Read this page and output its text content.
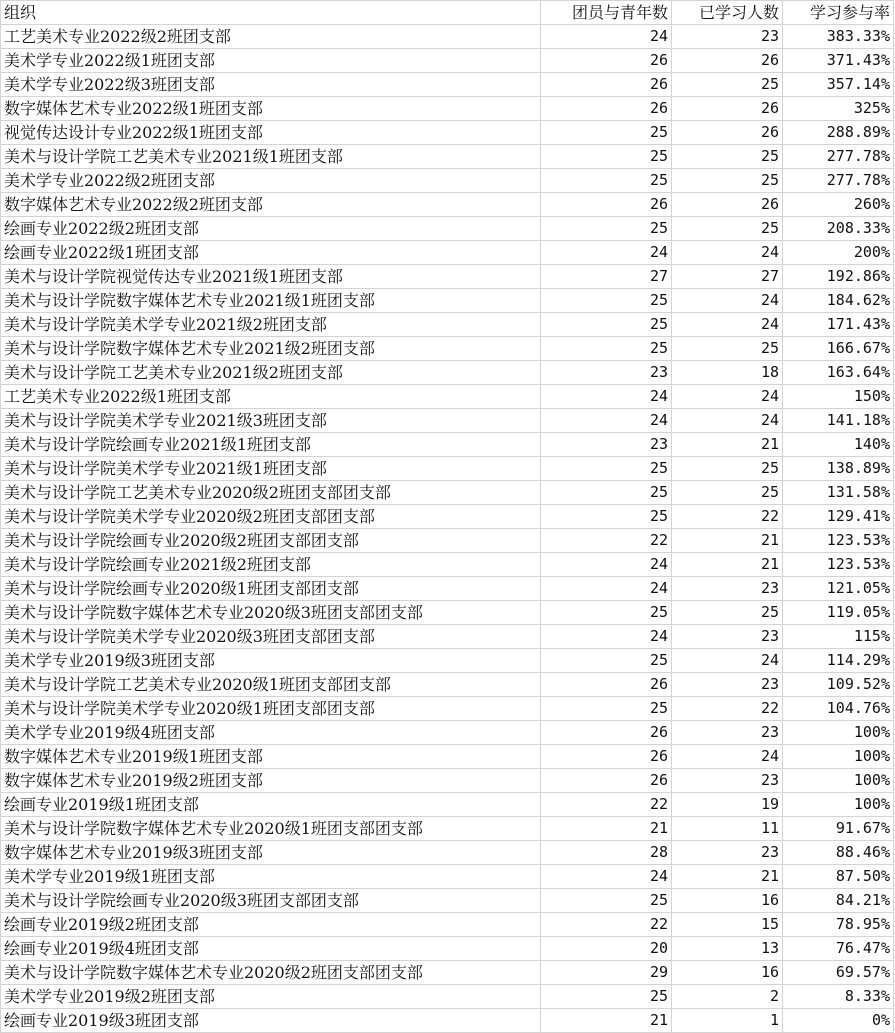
组织	团员与青年数	已学习人数	学习参与率
工艺美术专业2022级2班团支部	24	23	383.33%
美术学专业2022级1班团支部	26	26	371.43%
美术学专业2022级3班团支部	26	25	357.14%
数字媒体艺术专业2022级1班团支部	26	26	325%
视觉传达设计专业2022级1班团支部	25	26	288.89%
美术与设计学院工艺美术专业2021级1班团支部	25	25	277.78%
美术学专业2022级2班团支部	25	25	277.78%
数字媒体艺术专业2022级2班团支部	26	26	260%
绘画专业2022级2班团支部	25	25	208.33%
绘画专业2022级1班团支部	24	24	200%
美术与设计学院视觉传达专业2021级1班团支部	27	27	192.86%
美术与设计学院数字媒体艺术专业2021级1班团支部	25	24	184.62%
美术与设计学院美术学专业2021级2班团支部	25	24	171.43%
美术与设计学院数字媒体艺术专业2021级2班团支部	25	25	166.67%
美术与设计学院工艺美术专业2021级2班团支部	23	18	163.64%
工艺美术专业2022级1班团支部	24	24	150%
美术与设计学院美术学专业2021级3班团支部	24	24	141.18%
美术与设计学院绘画专业2021级1班团支部	23	21	140%
美术与设计学院美术学专业2021级1班团支部	25	25	138.89%
美术与设计学院工艺美术专业2020级2班团支部团支部	25	25	131.58%
美术与设计学院美术学专业2020级2班团支部团支部	25	22	129.41%
美术与设计学院绘画专业2020级2班团支部团支部	22	21	123.53%
美术与设计学院绘画专业2021级2班团支部	24	21	123.53%
美术与设计学院绘画专业2020级1班团支部团支部	24	23	121.05%
美术与设计学院数字媒体艺术专业2020级3班团支部团支部	25	25	119.05%
美术与设计学院美术学专业2020级3班团支部团支部	24	23	115%
美术学专业2019级3班团支部	25	24	114.29%
美术与设计学院工艺美术专业2020级1班团支部团支部	26	23	109.52%
美术与设计学院美术学专业2020级1班团支部团支部	25	22	104.76%
美术学专业2019级4班团支部	26	23	100%
数字媒体艺术专业2019级1班团支部	26	24	100%
数字媒体艺术专业2019级2班团支部	26	23	100%
绘画专业2019级1班团支部	22	19	100%
美术与设计学院数字媒体艺术专业2020级1班团支部团支部	21	11	91.67%
数字媒体艺术专业2019级3班团支部	28	23	88.46%
美术学专业2019级1班团支部	24	21	87.50%
美术与设计学院绘画专业2020级3班团支部团支部	25	16	84.21%
绘画专业2019级2班团支部	22	15	78.95%
绘画专业2019级4班团支部	20	13	76.47%
美术与设计学院数字媒体艺术专业2020级2班团支部团支部	29	16	69.57%
美术学专业2019级2班团支部	25	2	8.33%
绘画专业2019级3班团支部	21	1	0%
